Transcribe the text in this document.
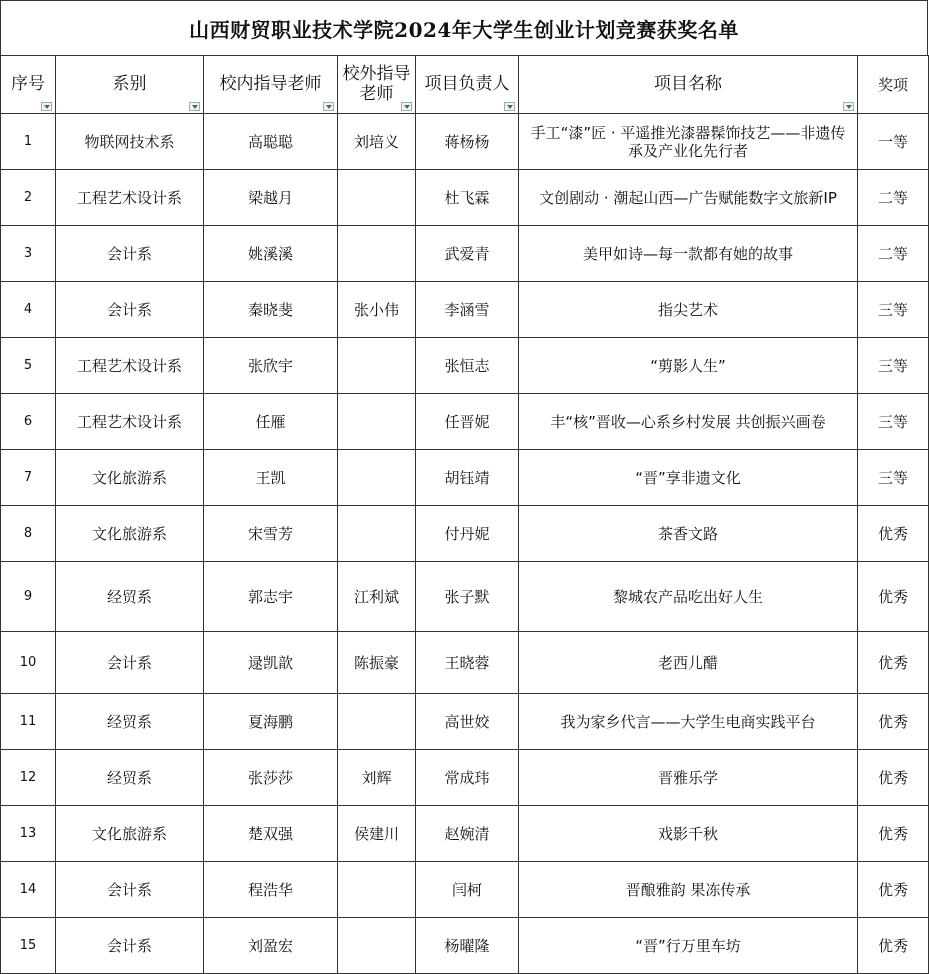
山西财贸职业技术学院2024年大学生创业计划竞赛获奖名单
序号	系别	校内指导老师	校外指导老师	项目负责人	项目名称	奖项
1	物联网技术系	高聪聪	刘培义	蒋杨杨	手工“漆”匠 · 平遥推光漆器髹饰技艺——非遗传承及产业化先行者	一等
2	工程艺术设计系	梁越月		杜飞霖	文创剧动 · 潮起山西—广告赋能数字文旅新IP	二等
3	会计系	姚溪溪		武爱青	美甲如诗—每一款都有她的故事	二等
4	会计系	秦晓斐	张小伟	李涵雪	指尖艺术	三等
5	工程艺术设计系	张欣宇		张恒志	“剪影人生”	三等
6	工程艺术设计系	任雁		任晋妮	丰“核”晋收—心系乡村发展 共创振兴画卷	三等
7	文化旅游系	王凯		胡钰靖	“晋”享非遗文化	三等
8	文化旅游系	宋雪芳		付丹妮	茶香文路	优秀
9	经贸系	郭志宇	江利斌	张子默	黎城农产品吃出好人生	优秀
10	会计系	逯凯歆	陈振豪	王晓蓉	老西儿醋	优秀
11	经贸系	夏海鹏		高世姣	我为家乡代言——大学生电商实践平台	优秀
12	经贸系	张莎莎	刘辉	常成玮	晋雅乐学	优秀
13	文化旅游系	楚双强	侯建川	赵婉清	戏影千秋	优秀
14	会计系	程浩华		闫柯	晋酿雅韵 果冻传承	优秀
15	会计系	刘盈宏		杨曜隆	“晋”行万里车坊	优秀
